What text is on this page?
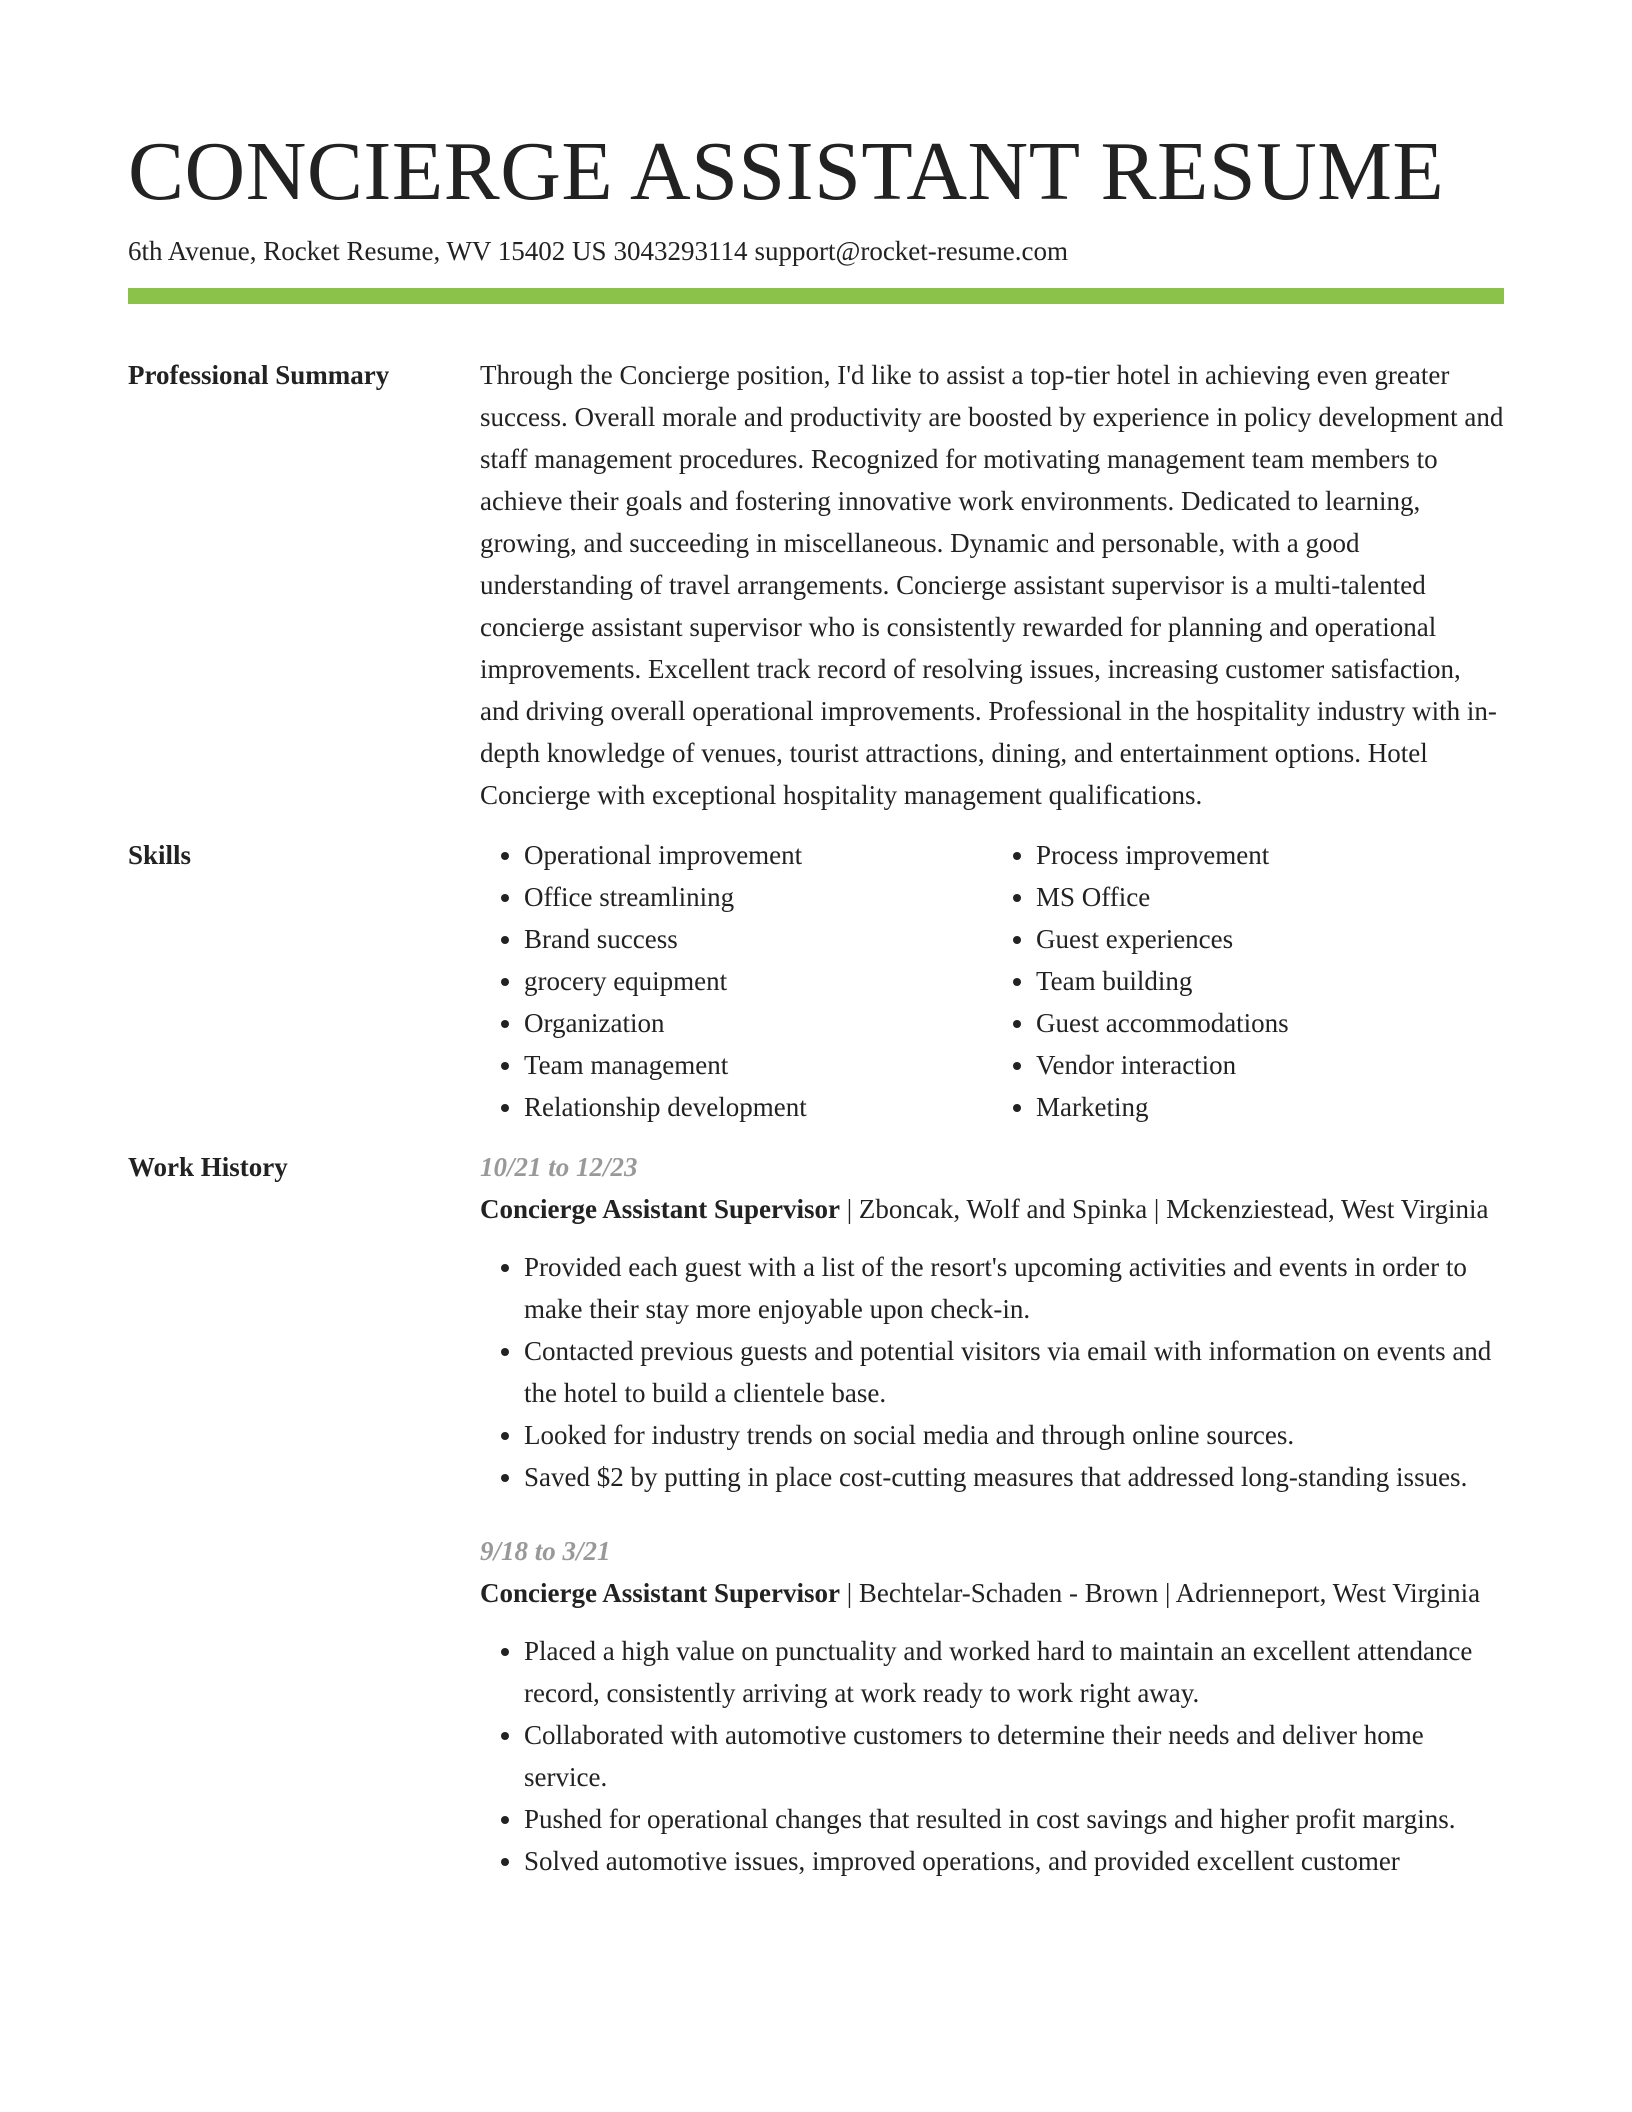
CONCIERGE ASSISTANT RESUME
6th Avenue, Rocket Resume, WV 15402 US 3043293114 support@rocket-resume.com
Professional Summary	Through the Concierge position, I'd like to assist a top-tier hotel in achieving even greater success. Overall morale and productivity are boosted by experience in policy development and staff management procedures. Recognized for motivating management team members to achieve their goals and fostering innovative work environments. Dedicated to learning, growing, and succeeding in miscellaneous. Dynamic and personable, with a good understanding of travel arrangements. Concierge assistant supervisor is a multi-talented concierge assistant supervisor who is consistently rewarded for planning and operational improvements. Excellent track record of resolving issues, increasing customer satisfaction, and driving overall operational improvements. Professional in the hospitality industry with in-depth knowledge of venues, tourist attractions, dining, and entertainment options. Hotel Concierge with exceptional hospitality management qualifications.

Skills
•	Operational improvement
• Office streamlining
• Brand success
• grocery equipment
• Organization
• Team management
• Relationship development
• Process improvement
• MS Office
• Guest experiences
• Team building
• Guest accommodations
• Vendor interaction
• Marketing
Work History	10/21 to 12/23
Concierge Assistant Supervisor | Zboncak, Wolf and Spinka | Mckenziestead, West Virginia
• Provided each guest with a list of the resort's upcoming activities and events in order to make their stay more enjoyable upon check-in.
• Contacted previous guests and potential visitors via email with information on events and the hotel to build a clientele base.
• Looked for industry trends on social media and through online sources.
• Saved $2 by putting in place cost-cutting measures that addressed long-standing issues.
9/18 to 3/21
Concierge Assistant Supervisor | Bechtelar-Schaden - Brown | Adrienneport, West Virginia
• Placed a high value on punctuality and worked hard to maintain an excellent attendance record, consistently arriving at work ready to work right away.
• Collaborated with automotive customers to determine their needs and deliver home service.
• Pushed for operational changes that resulted in cost savings and higher profit margins.
• Solved automotive issues, improved operations, and provided excellent customer
